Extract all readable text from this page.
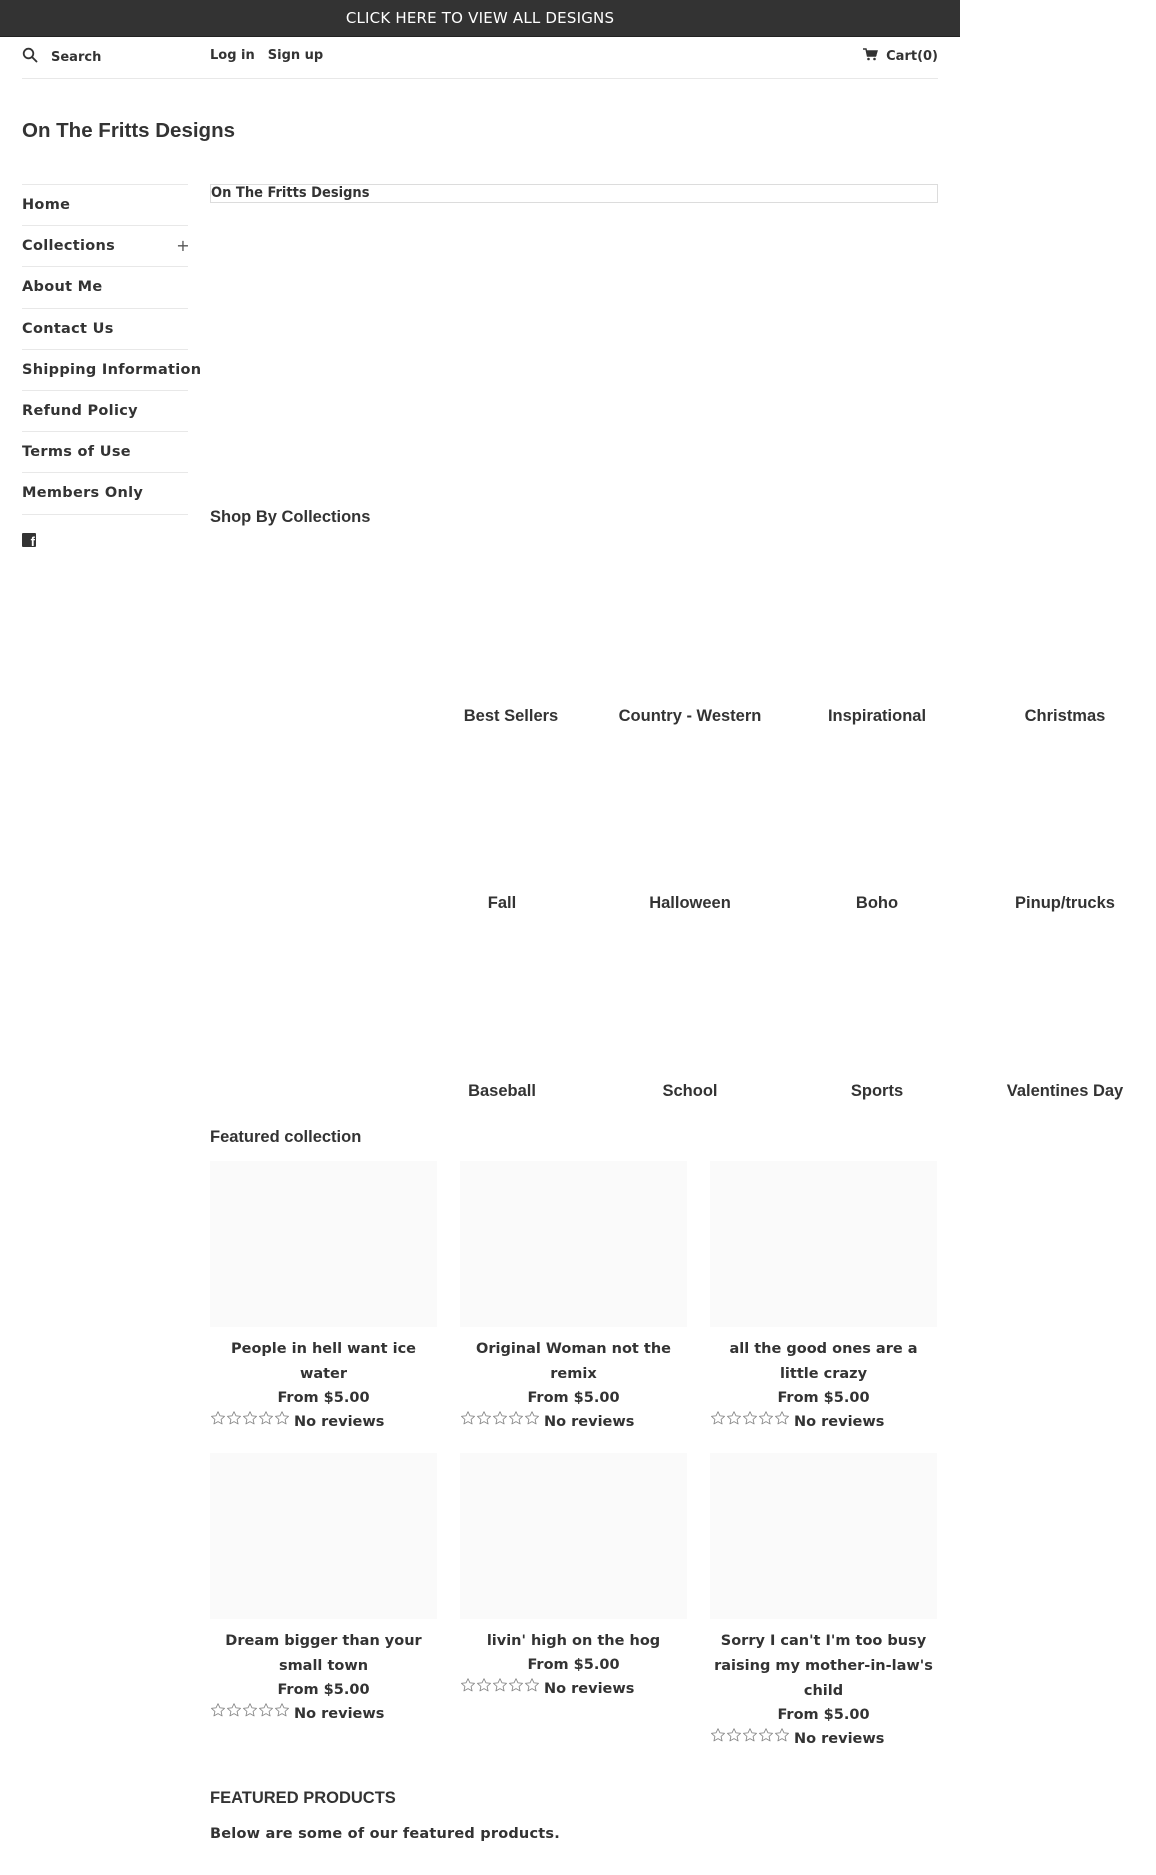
CLICK HERE TO VIEW ALL DESIGNS
Search
Log in Sign up	Cart(0)
On The Fritts Designs
Home
Collections	+
About Me
Contact Us
Shipping Information
Refund Policy
Terms of Use
Members Only
f
On The Fritts Designs
Shop By Collections
Best Sellers	Country - Western	Inspirational	Christmas
Fall	Halloween	Boho	Pinup/trucks
Baseball	School	Sports	Valentines Day
Featured collection
People in hell want ice water
From $5.00
No reviews
Original Woman not the remix
From $5.00
No reviews
all the good ones are a little crazy
From $5.00
No reviews
Dream bigger than your small town
From $5.00
No reviews
livin' high on the hog
From $5.00
No reviews
Sorry I can't I'm too busy raising my mother-in-law's child
From $5.00
No reviews
FEATURED PRODUCTS
Below are some of our featured products.
